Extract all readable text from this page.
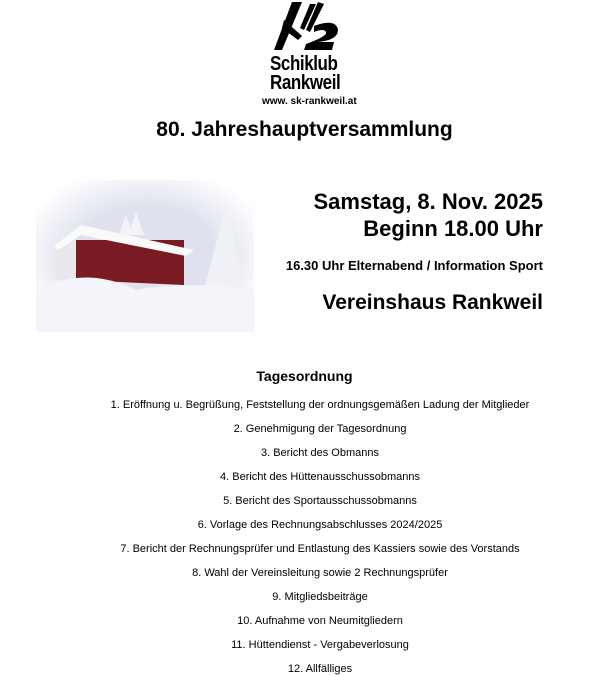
Schiklub
Rankweil
www. sk-rankweil.at
80. Jahreshauptversammlung
Samstag, 8. Nov. 2025
Beginn 18.00 Uhr
16.30 Uhr Elternabend / Information Sport
Vereinshaus Rankweil
Tagesordnung
1. Eröffnung u. Begrüßung, Feststellung der ordnungsgemäßen Ladung der Mitglieder
2. Genehmigung der Tagesordnung
3. Bericht des Obmanns
4. Bericht des Hüttenausschussobmanns
5. Bericht des Sportausschussobmanns
6. Vorlage des Rechnungsabschlusses 2024/2025
7. Bericht der Rechnungsprüfer und Entlastung des Kassiers sowie des Vorstands
8. Wahl der Vereinsleitung sowie 2 Rechnungsprüfer
9. Mitgliedsbeiträge
10. Aufnahme von Neumitgliedern
11. Hüttendienst - Vergabeverlosung
12. Allfälliges
